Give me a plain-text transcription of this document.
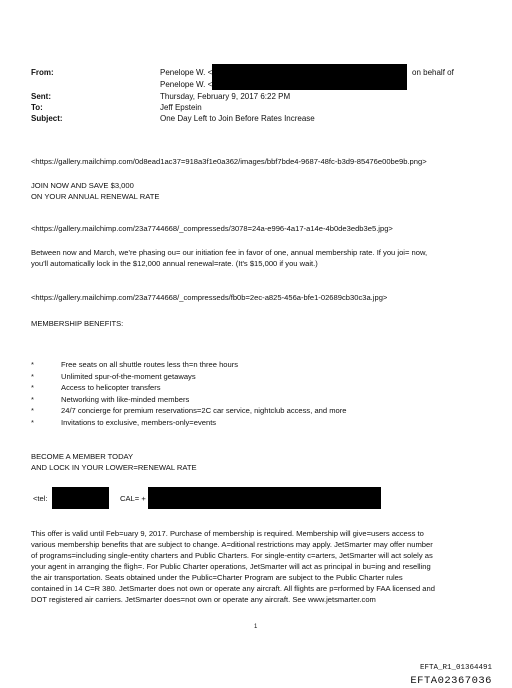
From:	Penelope W. <	on behalf of
Penelope W. <
Sent:	Thursday, February 9, 2017 6:22 PM
To:	Jeff Epstein
Subject:	One Day Left to Join Before Rates Increase
<https://gallery.mailchimp.com/0d8ead1ac37=918a3f1e0a362/images/bbf7bde4-9687-48fc-b3d9-85476e00be9b.png>
JOIN NOW AND SAVE $3,000
ON YOUR ANNUAL RENEWAL RATE
<https://gallery.mailchimp.com/23a7744668/_compresseds/3078=24a-e996-4a17-a14e-4b0de3edb3e5.jpg>
Between now and March, we're phasing ou= our initiation fee in favor of one, annual membership rate. If you joi= now,
you'll automatically lock in the $12,000 annual renewal=rate. (It's $15,000 if you wait.)
<https://gallery.mailchimp.com/23a7744668/_compresseds/fb0b=2ec-a825-456a-bfe1-02689cb30c3a.jpg>
MEMBERSHIP BENEFITS:
*	Free seats on all shuttle routes less th=n three hours
*	Unlimited spur-of-the-moment getaways
*	Access to helicopter transfers
*	Networking with like-minded members
*	24/7 concierge for premium reservations=2C car service, nightclub access, and more
*	Invitations to exclusive, members-only=events
BECOME A MEMBER TODAY
AND LOCK IN YOUR LOWER=RENEWAL RATE
<tel:	CAL= +
This offer is valid until Feb=uary 9, 2017. Purchase of membership is required. Membership will give=users access to
various membership benefits that are subject to change. A=ditional restrictions may apply. JetSmarter may offer number
of programs=including single-entity charters and Public Charters. For single-entity c=arters, JetSmarter will act solely as
your agent in arranging the fligh=. For Public Charter operations, JetSmarter will act as principal in bu=ing and reselling
the air transportation. Seats obtained under the Public=Charter Program are subject to the Public Charter rules
contained in 14 C=R 380. JetSmarter does not own or operate any aircraft. All flights are p=rformed by FAA licensed and
DOT registered air carriers. JetSmarter does=not own or operate any aircraft. See www.jetsmarter.com
1
EFTA_R1_01364491
EFTA02367036
